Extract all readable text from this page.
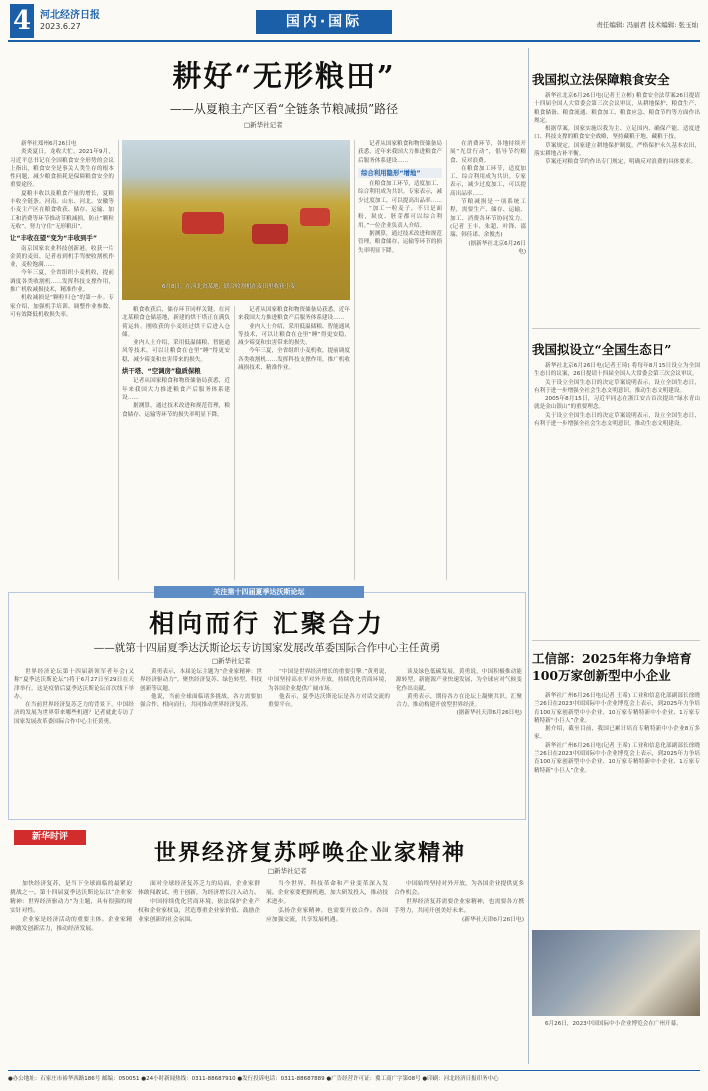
4 河北经济日报
2023.6.27	国内·国际	责任编辑: 冯丽君 技术编辑: 张玉灿
耕好“无形粮田”
——从夏粮主产区看“全链条节粮减损”路径
□新华社记者

新华社郑州6月26日电

炎炎夏日，龙收大忙。2021年9月，习近平总书记在全国粮食安全形势的会议上指出，粮食安全是事关人类生存的根本性问题，减少粮食损耗是保障粮食安全的重要途径。

夏粮丰收以及粮食产量的增长，夏粮丰收全链条。河南、山东、河北、安徽等小麦主产区在粮食收获、储存、运输、加工和消费等环节推动节粮减损，防止“颗粒无收”，努力守住“无形粮田”。

让“丰收在望”变为“丰收到手”

南京国家农业科技创新港，收获一片金黄的麦田，记者看到机手驾驶收割机作业，麦粒饱满……

今年三夏，全省组织小麦机收，提前调度各类收割机……发挥科技支撑作用，推广机收减损技术，精准作业。

机收减损是“颗粒归仓”的第一步。专家介绍，加强机手培训、调整作业参数，可有效降低机收损失率。

6月8日，在河北省某地，联合收割机在麦田里收获小麦

粮食收获后，储存环节同样关键。在河北某粮食仓储基地，新建的烘干塔正在满负荷运转，刚收获的小麦经过烘干后进入仓储。

业内人士介绍，采用低温储粮、智能通风等技术，可以让粮食在仓里“睡”得更安稳，减少霉变和虫害带来的损失。

烘干塔、“空调房”稳质保粮

记者从国家粮食和物资储备局获悉，近年来我国大力推进粮食产后服务体系建设……

据测算，通过技术改进和规范管理，粮食储存、运输等环节的损失率明显下降。

记者从国家粮食和物资储备局获悉，近年来我国大力推进粮食产后服务体系建设……

业内人士介绍，采用低温储粮、智能通风等技术，可以让粮食在仓里“睡”得更安稳，减少霉变和虫害带来的损失。

今年三夏，全省组织小麦机收，提前调度各类收割机……发挥科技支撑作用，推广机收减损技术，精准作业。

记者从国家粮食和物资储备局获悉，近年来我国大力推进粮食产后服务体系建设……

综合利用隐形“增地”

在粮食加工环节，适度加工、综合利用成为共识。专家表示，减少过度加工，可以提高出品率……

“加工一粒麦子，不只是面粉，麸皮、胚芽都可以综合利用。”一位企业负责人介绍。

据测算，通过技术改进和规范管理，粮食储存、运输等环节的损失率明显下降。

在消费环节，各地持续开展“光盘行动”，倡导节约粮食、反对浪费。

在粮食加工环节，适度加工、综合利用成为共识。专家表示，减少过度加工，可以提高出品率……

节粮减损是一项系统工程，需要生产、储存、运输、加工、消费各环节协同发力。(记者 王丰、朱超、叶锋、邵瑞、韩佳诺、余俊杰)

(据新华社北京6月26日电)

我国拟立法保障粮食安全

新华社北京6月26日电(记者王立彬) 粮食安全法草案26日提请十四届全国人大常委会第三次会议审议，从耕地保护、粮食生产、粮食储备、粮食流通、粮食加工、粮食应急、粮食节约等方面作出规定。

根据草案，国家实施以我为主、立足国内、确保产能、适度进口、科技支撑的粮食安全战略，坚持藏粮于地、藏粮于技。

草案规定，国家建立耕地保护制度，严格保护永久基本农田，落实耕地占补平衡。

草案还对粮食节约作出专门规定，明确反对浪费的具体要求。

我国拟设立“全国生态日”

新华社北京6月26日电(记者王琦) 将每年8月15日设立为全国生态日的议案，26日提请十四届全国人大常委会第三次会议审议。

关于设立全国生态日的决定草案说明表示，设立全国生态日，有利于进一步增强全社会生态文明意识，推动生态文明建设。

2005年8月15日，习近平同志在浙江安吉首次提出“绿水青山就是金山银山”的重要理念。

关于设立全国生态日的决定草案说明表示，设立全国生态日，有利于进一步增强全社会生态文明意识，推动生态文明建设。

工信部：2025年将力争培育100万家创新型中小企业

新华社广州6月26日电(记者 王希) 工业和信息化部副部长徐晓兰26日在2023中国国际中小企业博览会上表示，到2025年力争培育100万家创新型中小企业、10万家专精特新中小企业、1万家专精特新“小巨人”企业。

据介绍，截至目前，我国已累计培育专精特新中小企业8万多家。

新华社广州6月26日电(记者 王希) 工业和信息化部副部长徐晓兰26日在2023中国国际中小企业博览会上表示，到2025年力争培育100万家创新型中小企业、10万家专精特新中小企业、1万家专精特新“小巨人”企业。

6月26日，2023中国国际中小企业博览会在广州开幕。

关注第十四届夏季达沃斯论坛
相向而行 汇聚合力
——就第十四届夏季达沃斯论坛专访国家发展改革委国际合作中心主任黄勇
□新华社记者

世界经济论坛第十四届新领军者年会(又称“夏季达沃斯论坛”)将于6月27日至29日在天津举行。这是疫情后夏季达沃斯论坛首次线下举办。

在当前世界经济复苏乏力的背景下，中国经济的发展为世界带来哪些机遇？记者就此专访了国家发展改革委国际合作中心主任黄勇。

黄勇表示，本届论坛主题为“企业家精神：世界经济驱动力”，聚焦经济复苏、绿色转型、科技创新等议题。

他说，当前全球面临诸多挑战，各方需要加强合作、相向而行，共同推动世界经济复苏。

“中国是世界经济增长的重要引擎。”黄勇说，中国坚持高水平对外开放，持续优化营商环境，为各国企业提供广阔市场。

他表示，夏季达沃斯论坛是各方对话交流的重要平台。

谈及绿色低碳发展，黄勇说，中国积极推动能源转型，新能源产业快速发展，为全球应对气候变化作出贡献。

黄勇表示，期待各方在论坛上凝聚共识、汇聚合力，推动构建开放型世界经济。

(据新华社天津6月26日电)

新华时评
世界经济复苏呼唤企业家精神
□新华社记者

加快经济复苏，是当下全球面临的最紧迫挑战之一。第十四届夏季达沃斯论坛以“企业家精神：世界经济驱动力”为主题，具有很强的现实针对性。

企业家是经济活动的重要主体。企业家精神激发创新活力，推动经济发展。

面对全球经济复苏乏力的局面，企业家群体敢闯敢试、勇于创新，为经济增长注入动力。

中国持续优化营商环境，依法保护企业产权和企业家权益，营造尊重企业家价值、鼓励企业家创新的社会氛围。

当今世界，科技革命和产业变革深入发展。企业家要把握机遇，加大研发投入，推动技术进步。

弘扬企业家精神，也需要开放合作。各国应加强交流，共享发展机遇。

中国始终坚持对外开放，为各国企业提供更多合作机会。

世界经济复苏需要企业家精神，也需要各方携手努力，共同开创美好未来。

(新华社天津6月26日电)

●办公地址：石家庄市裕华西路186号 邮编：050051 ●24小时新闻热线：0311-88687910 ●发行投诉电话：0311-88687889 ●广告经营许可证：冀工商广字第08号 ●印刷：河北经济日报印务中心
